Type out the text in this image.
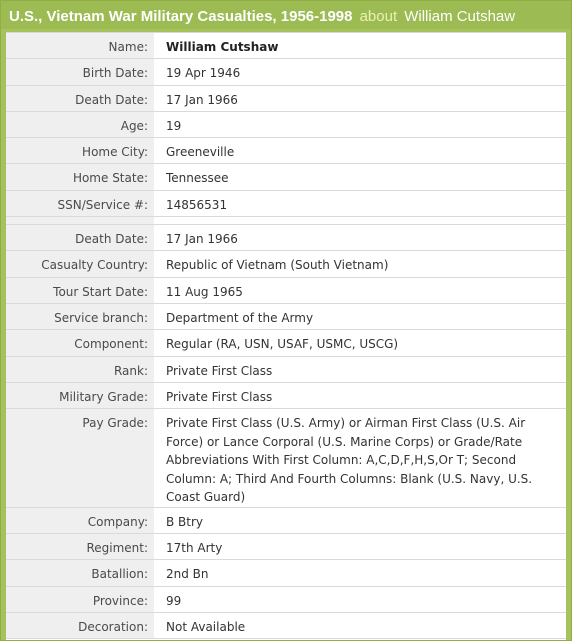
U.S., Vietnam War Military Casualties, 1956-1998 about William Cutshaw
Name:	William Cutshaw
Birth Date:	19 Apr 1946
Death Date:	17 Jan 1966
Age:	19
Home City:	Greeneville
Home State:	Tennessee
SSN/Service #:	14856531
Death Date:	17 Jan 1966
Casualty Country:	Republic of Vietnam (South Vietnam)
Tour Start Date:	11 Aug 1965
Service branch:	Department of the Army
Component:	Regular (RA, USN, USAF, USMC, USCG)
Rank:	Private First Class
Military Grade:	Private First Class
Pay Grade:	Private First Class (U.S. Army) or Airman First Class (U.S. Air Force) or Lance Corporal (U.S. Marine Corps) or Grade/Rate Abbreviations With First Column: A,C,D,F,H,S,Or T; Second Column: A; Third And Fourth Columns: Blank (U.S. Navy, U.S. Coast Guard)
Company:	B Btry
Regiment:	17th Arty
Batallion:	2nd Bn
Province:	99
Decoration:	Not Available
